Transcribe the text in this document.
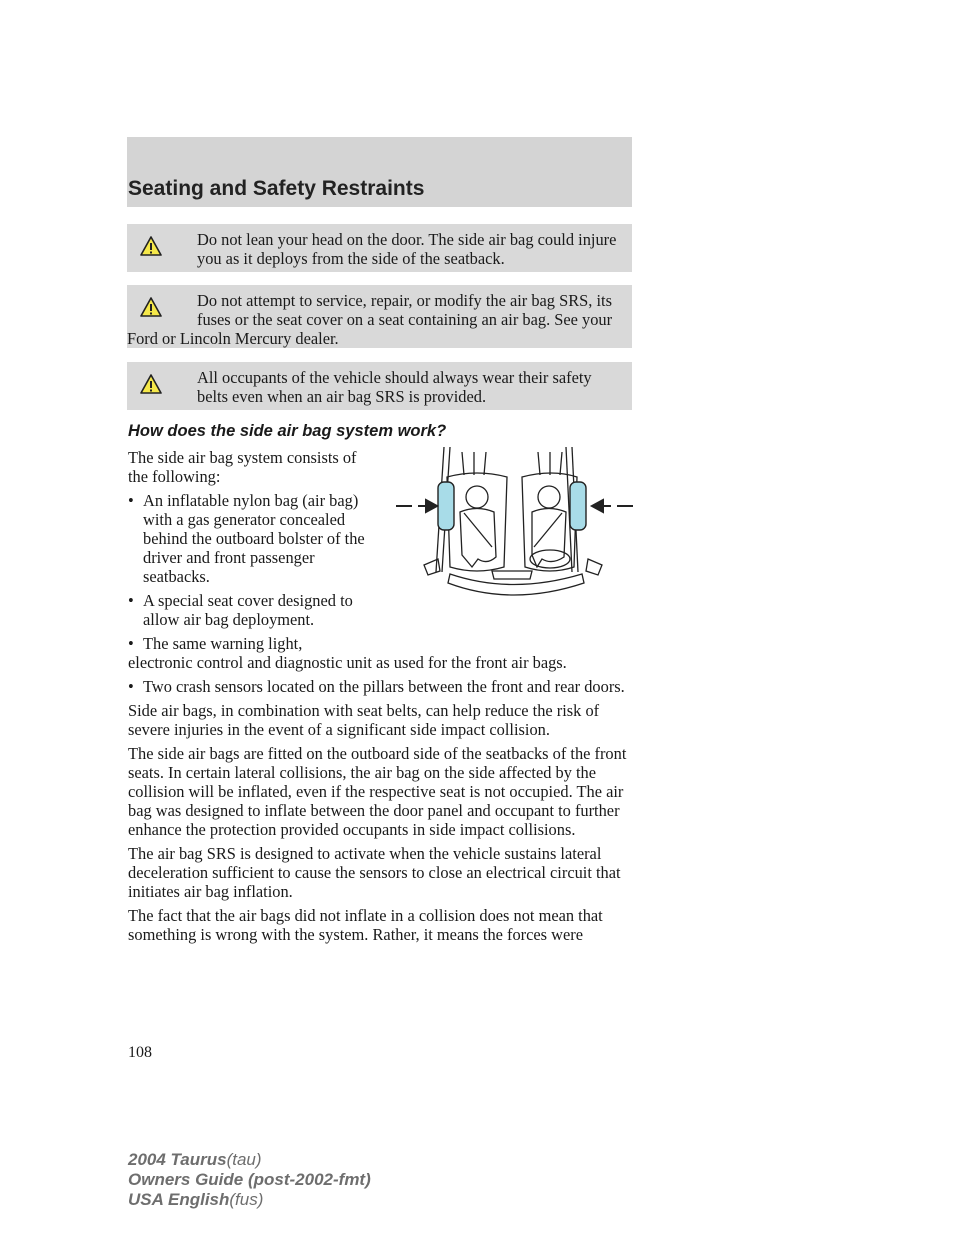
Seating and Safety Restraints

Do not lean your head on the door. The side air bag could injure you as it deploys from the side of the seatback.

Do not attempt to service, repair, or modify the air bag SRS, its
fuses or the seat cover on a seat containing an air bag. See your

Ford or Lincoln Mercury dealer.

All occupants of the vehicle should always wear their safety belts even when an air bag SRS is provided.

How does the side air bag system work?

The side air bag system consists of the following:

• An inflatable nylon bag (air bag) with a gas generator concealed behind the outboard bolster of the driver and front passenger seatbacks.
• A special seat cover designed to allow air bag deployment.
• The same warning light,
electronic control and diagnostic unit as used for the front air bags.
• Two crash sensors located on the pillars between the front and rear doors.

Side air bags, in combination with seat belts, can help reduce the risk of severe injuries in the event of a significant side impact collision.

The side air bags are fitted on the outboard side of the seatbacks of the front seats. In certain lateral collisions, the air bag on the side affected by the collision will be inflated, even if the respective seat is not occupied. The air bag was designed to inflate between the door panel and occupant to further enhance the protection provided occupants in side impact collisions.

The air bag SRS is designed to activate when the vehicle sustains lateral deceleration sufficient to cause the sensors to close an electrical circuit that initiates air bag inflation.

The fact that the air bags did not inflate in a collision does not mean that something is wrong with the system. Rather, it means the forces were

108
2004 Taurus(tau)
Owners Guide (post-2002-fmt)
USA English(fus)
